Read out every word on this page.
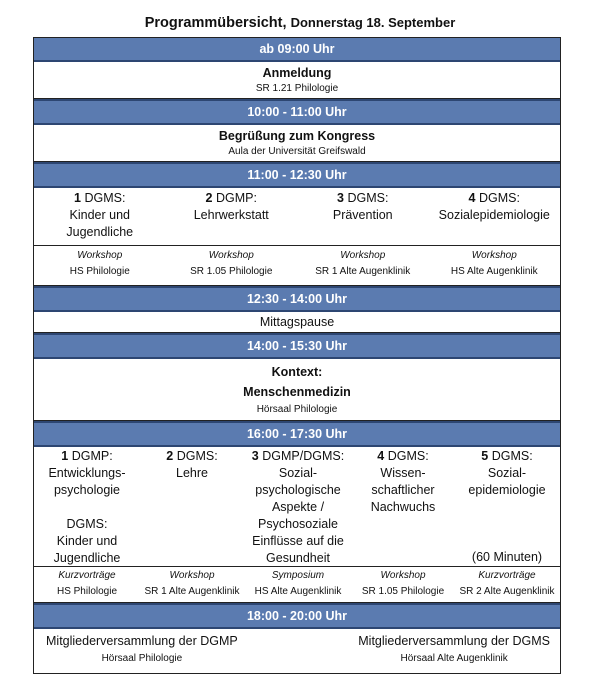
Programmübersicht, Donnerstag 18. September
ab 09:00 Uhr
Anmeldung
SR 1.21 Philologie
10:00 - 11:00 Uhr
Begrüßung zum Kongress
Aula der Universität Greifswald
11:00 - 12:30 Uhr
1 DGMS:
Kinder und Jugendliche
2 DGMP:
Lehrwerkstatt
3 DGMS:
Prävention
4 DGMS:
Sozialepidemiologie
Workshop
HS Philologie
Workshop
SR 1.05 Philologie
Workshop
SR 1 Alte Augenklinik
Workshop
HS Alte Augenklinik
12:30 - 14:00 Uhr
Mittagspause
14:00 - 15:30 Uhr
Kontext:
Menschenmedizin
Hörsaal Philologie
16:00 - 17:30 Uhr
1 DGMP:
Entwicklungs-
psychologie

DGMS:
Kinder und
Jugendliche
2 DGMS:
Lehre
3 DGMP/DGMS:
Sozial-
psychologische
Aspekte /
Psychosoziale
Einflüsse auf die
Gesundheit
4 DGMS:
Wissen-
schaftlicher
Nachwuchs
5 DGMS:
Sozial-
epidemiologie
(60 Minuten)
Kurzvorträge
HS Philologie
Workshop
SR 1 Alte Augenklinik
Symposium
HS Alte Augenklinik
Workshop
SR 1.05 Philologie
Kurzvorträge
SR 2 Alte Augenklinik
18:00 - 20:00 Uhr
Mitgliederversammlung der DGMP
Hörsaal Philologie
Mitgliederversammlung der DGMS
Hörsaal Alte Augenklinik
